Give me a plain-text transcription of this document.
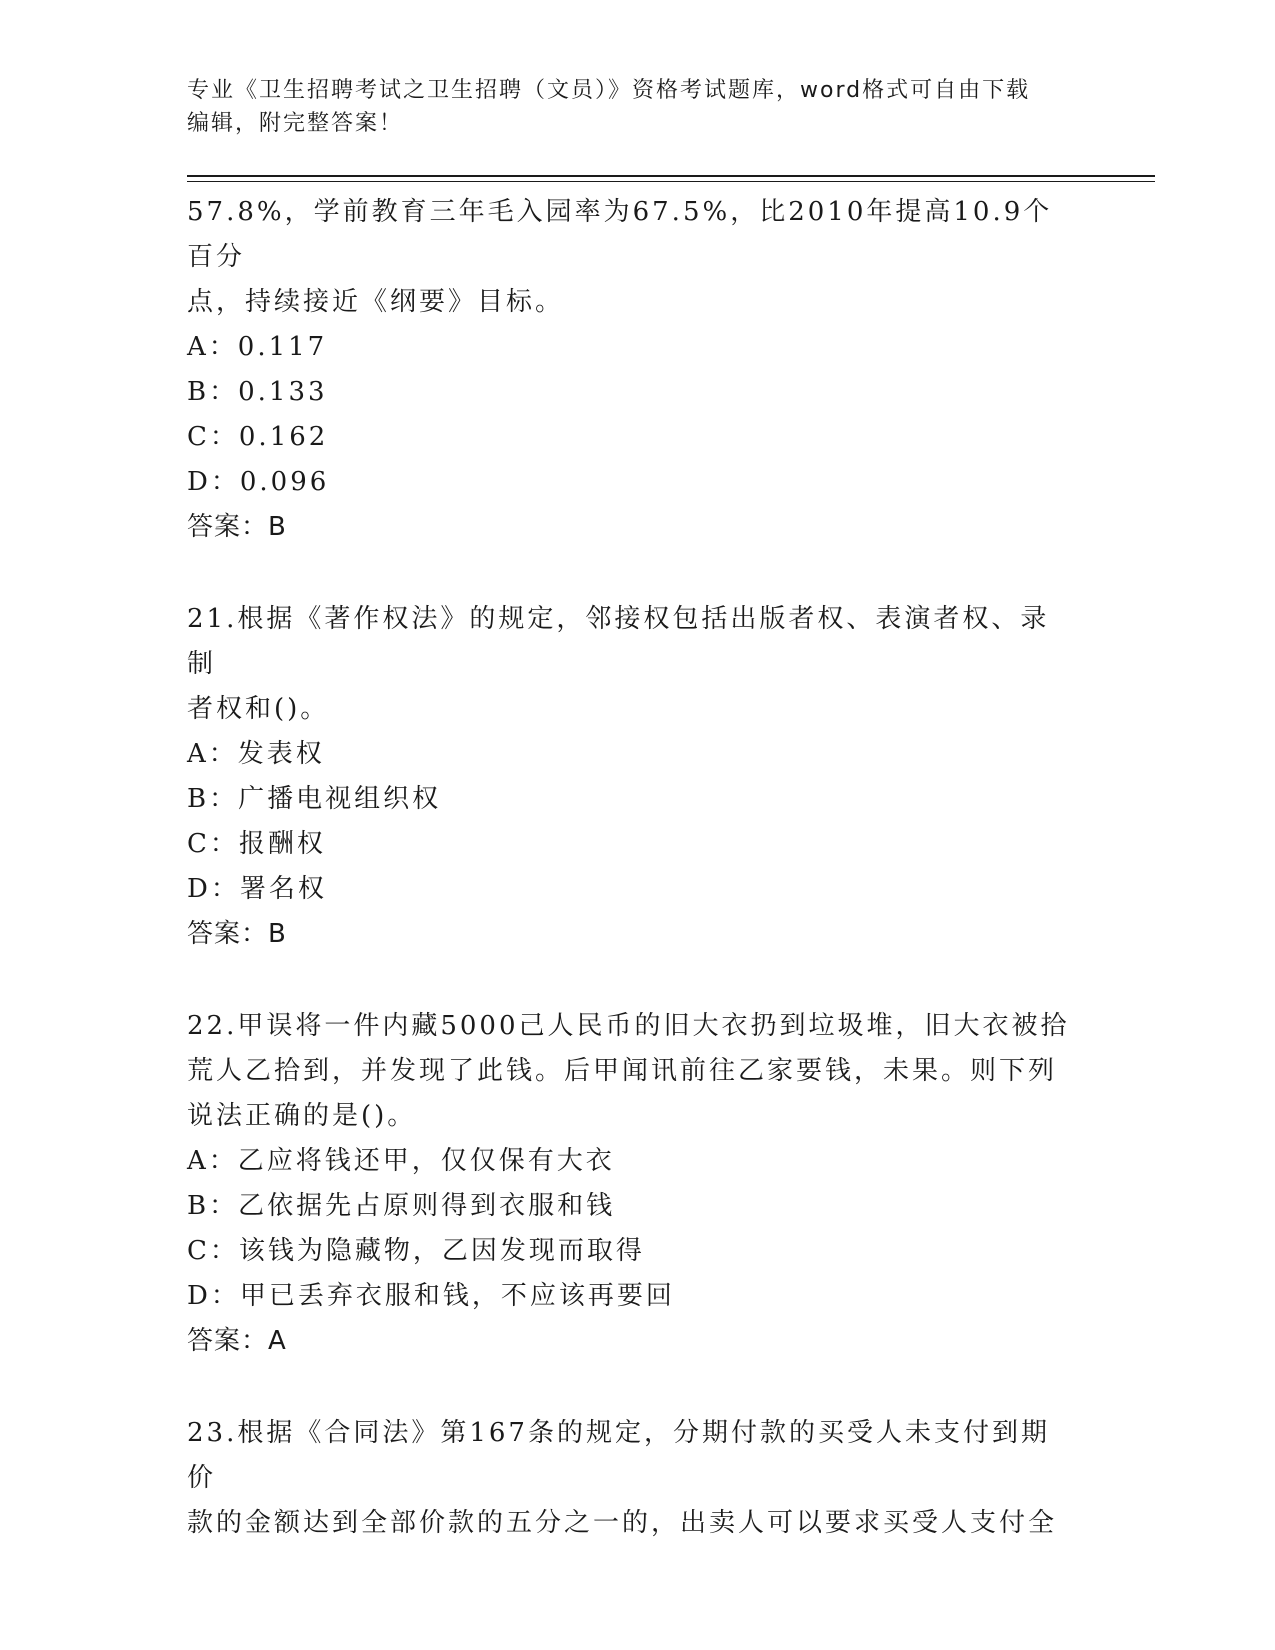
专业《卫生招聘考试之卫生招聘（文员）》资格考试题库，word格式可自由下载
编辑，附完整答案！

57.8%，学前教育三年毛入园率为67.5%，比2010年提高10.9个百分

点，持续接近《纲要》目标。

A：0.117

B：0.133

C：0.162

D：0.096

答案：B

21.根据《著作权法》的规定，邻接权包括出版者权、表演者权、录制

者权和()。

A：发表权

B：广播电视组织权

C：报酬权

D：署名权

答案：B

22.甲误将一件内藏5000己人民币的旧大衣扔到垃圾堆，旧大衣被拾

荒人乙拾到，并发现了此钱。后甲闻讯前往乙家要钱，未果。则下列

说法正确的是()。

A：乙应将钱还甲，仅仅保有大衣

B：乙依据先占原则得到衣服和钱

C：该钱为隐藏物，乙因发现而取得

D：甲已丢弃衣服和钱，不应该再要回

答案：A

23.根据《合同法》第167条的规定，分期付款的买受人未支付到期价

款的金额达到全部价款的五分之一的，出卖人可以要求买受人支付全
